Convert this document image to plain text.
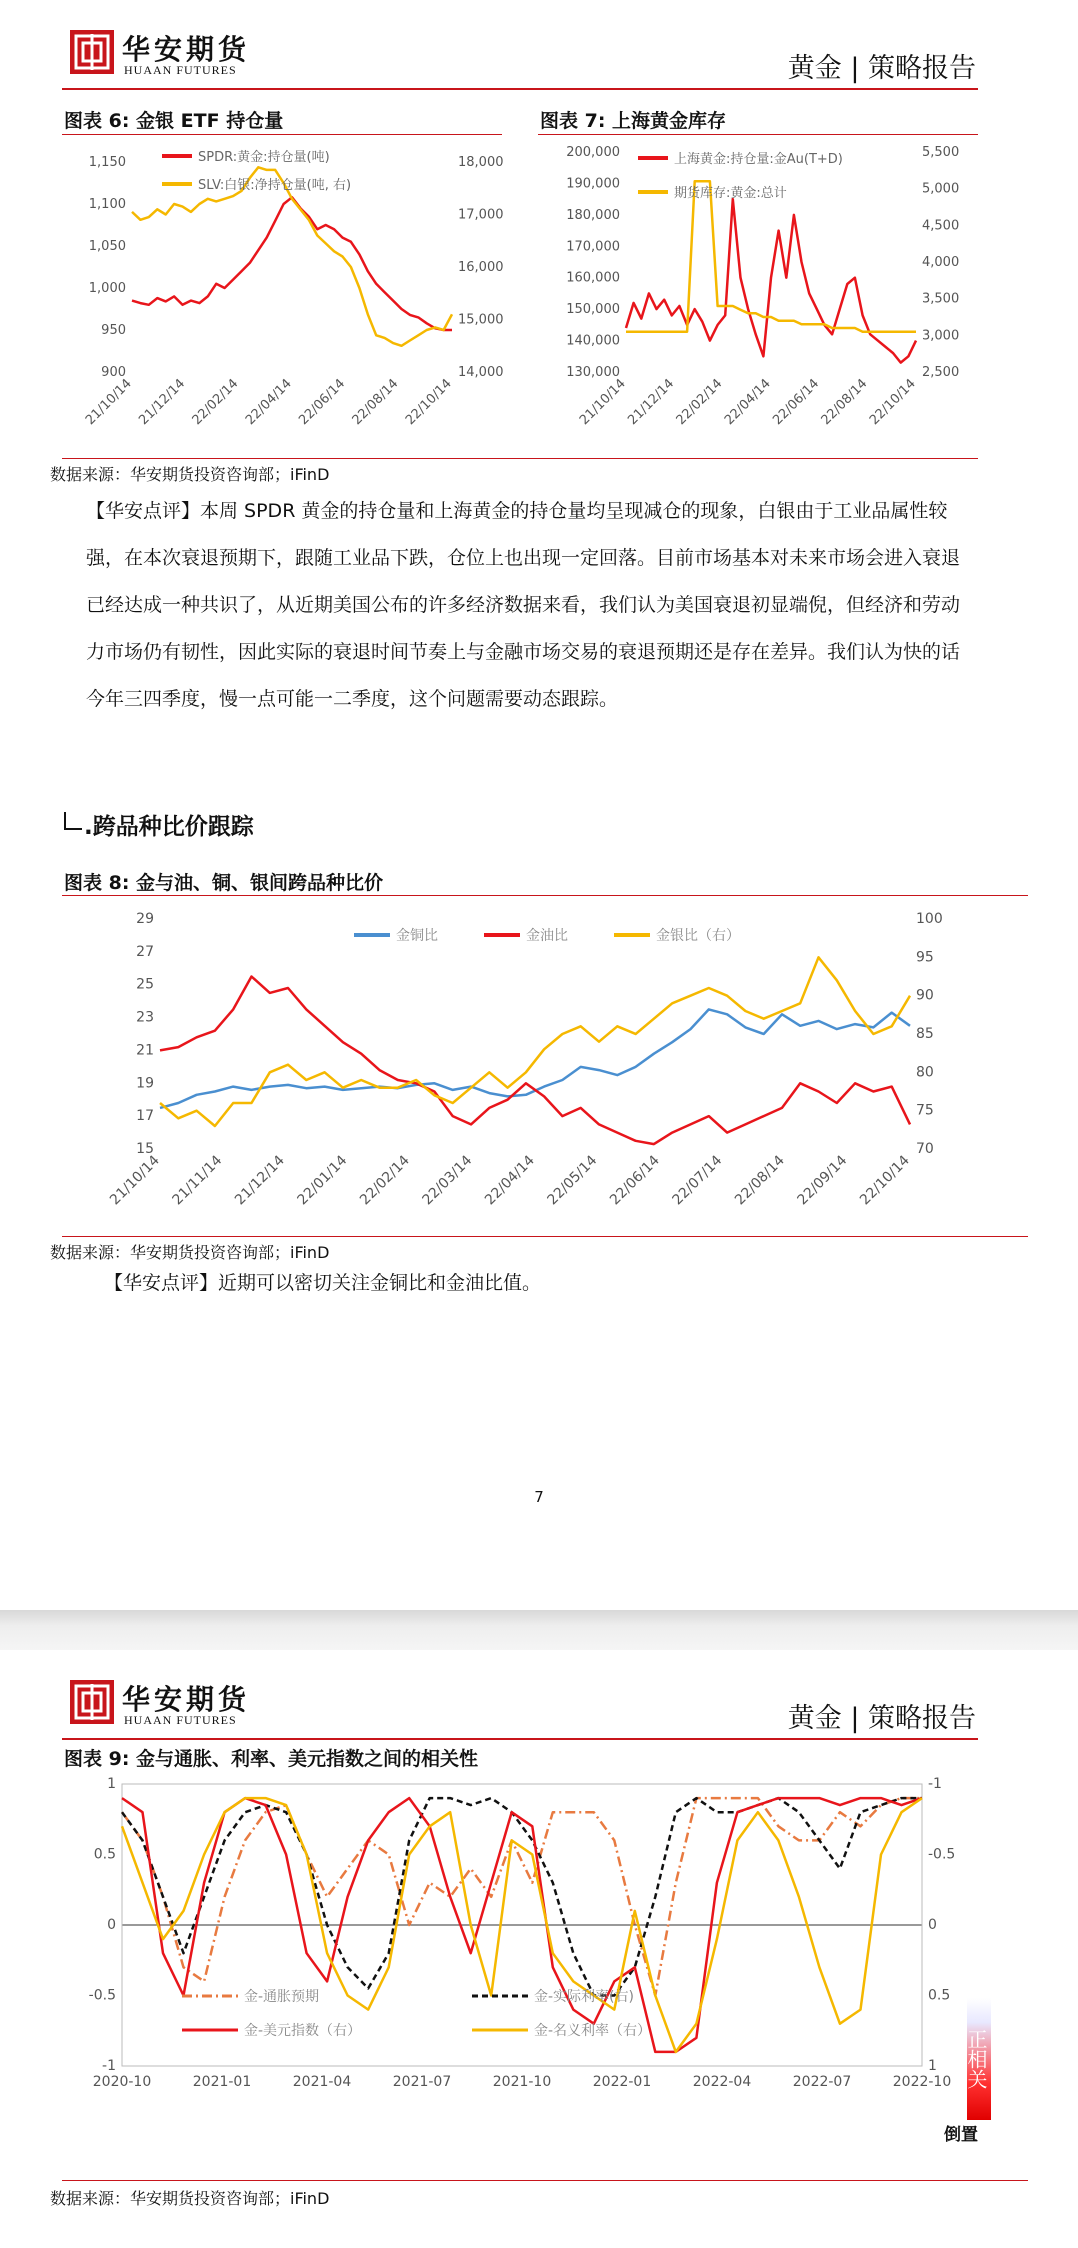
华安期货
HUAAN FUTURES	黄金 | 策略报告
图表 6: 金银 ETF 持仓量	图表 7: 上海黄金库存
900
950
1,000
1,050
1,100
1,150
14,000
15,000
16,000
17,000
18,000
21/10/14 21/12/14 22/02/14 22/04/14 22/06/14 22/08/14 22/10/14
SPDR:黄金:持仓量(吨)
SLV:白银:净持仓量(吨, 右)
130,000
140,000
150,000
160,000
170,000
180,000
190,000
200,000
2,500
3,000
3,500
4,000
4,500
5,000
5,500
21/10/14
21/12/14
22/02/14
22/04/14
22/06/14
22/08/14
22/10/14
上海黄金:持仓量:金Au(T+D)
期货库存:黄金:总计
数据来源：华安期货投资咨询部；iFinD
【华安点评】本周 SPDR 黄金的持仓量和上海黄金的持仓量均呈现减仓的现象，白银由于工业品属性较强，在本次衰退预期下，跟随工业品下跌，仓位上也出现一定回落。目前市场基本对未来市场会进入衰退已经达成一种共识了，从近期美国公布的许多经济数据来看，我们认为美国衰退初显端倪，但经济和劳动力市场仍有韧性，因此实际的衰退时间节奏上与金融市场交易的衰退预期还是存在差异。我们认为快的话今年三四季度，慢一点可能一二季度，这个问题需要动态跟踪。
.跨品种比价跟踪
图表 8: 金与油、铜、银间跨品种比价
15
17
19
21
23
25
27
29
70
75
80
85
90
95
100
21/10/14 21/11/14 21/12/14 22/01/14 22/02/14 22/03/14 22/04/14 22/05/14 22/06/14 22/07/14 22/08/14 22/09/14 22/10/14
金铜比	金油比	金银比（右）
数据来源：华安期货投资咨询部；iFinD
【华安点评】近期可以密切关注金铜比和金油比值。
7
华安期货
HUAAN FUTURES	黄金 | 策略报告
图表 9: 金与通胀、利率、美元指数之间的相关性
1
0.5
0
-0.5
-1
-1
-0.5
0
0.5
1
2020-10	2021-01	2021-04	2021-07	2021-10	2022-01	2022-04	2022-07	2022-10
金-通胀预期	金-实际利率(右)
金-美元指数（右）	金-名义利率（右）
数据来源：华安期货投资咨询部；iFinD
正相关
倒置
